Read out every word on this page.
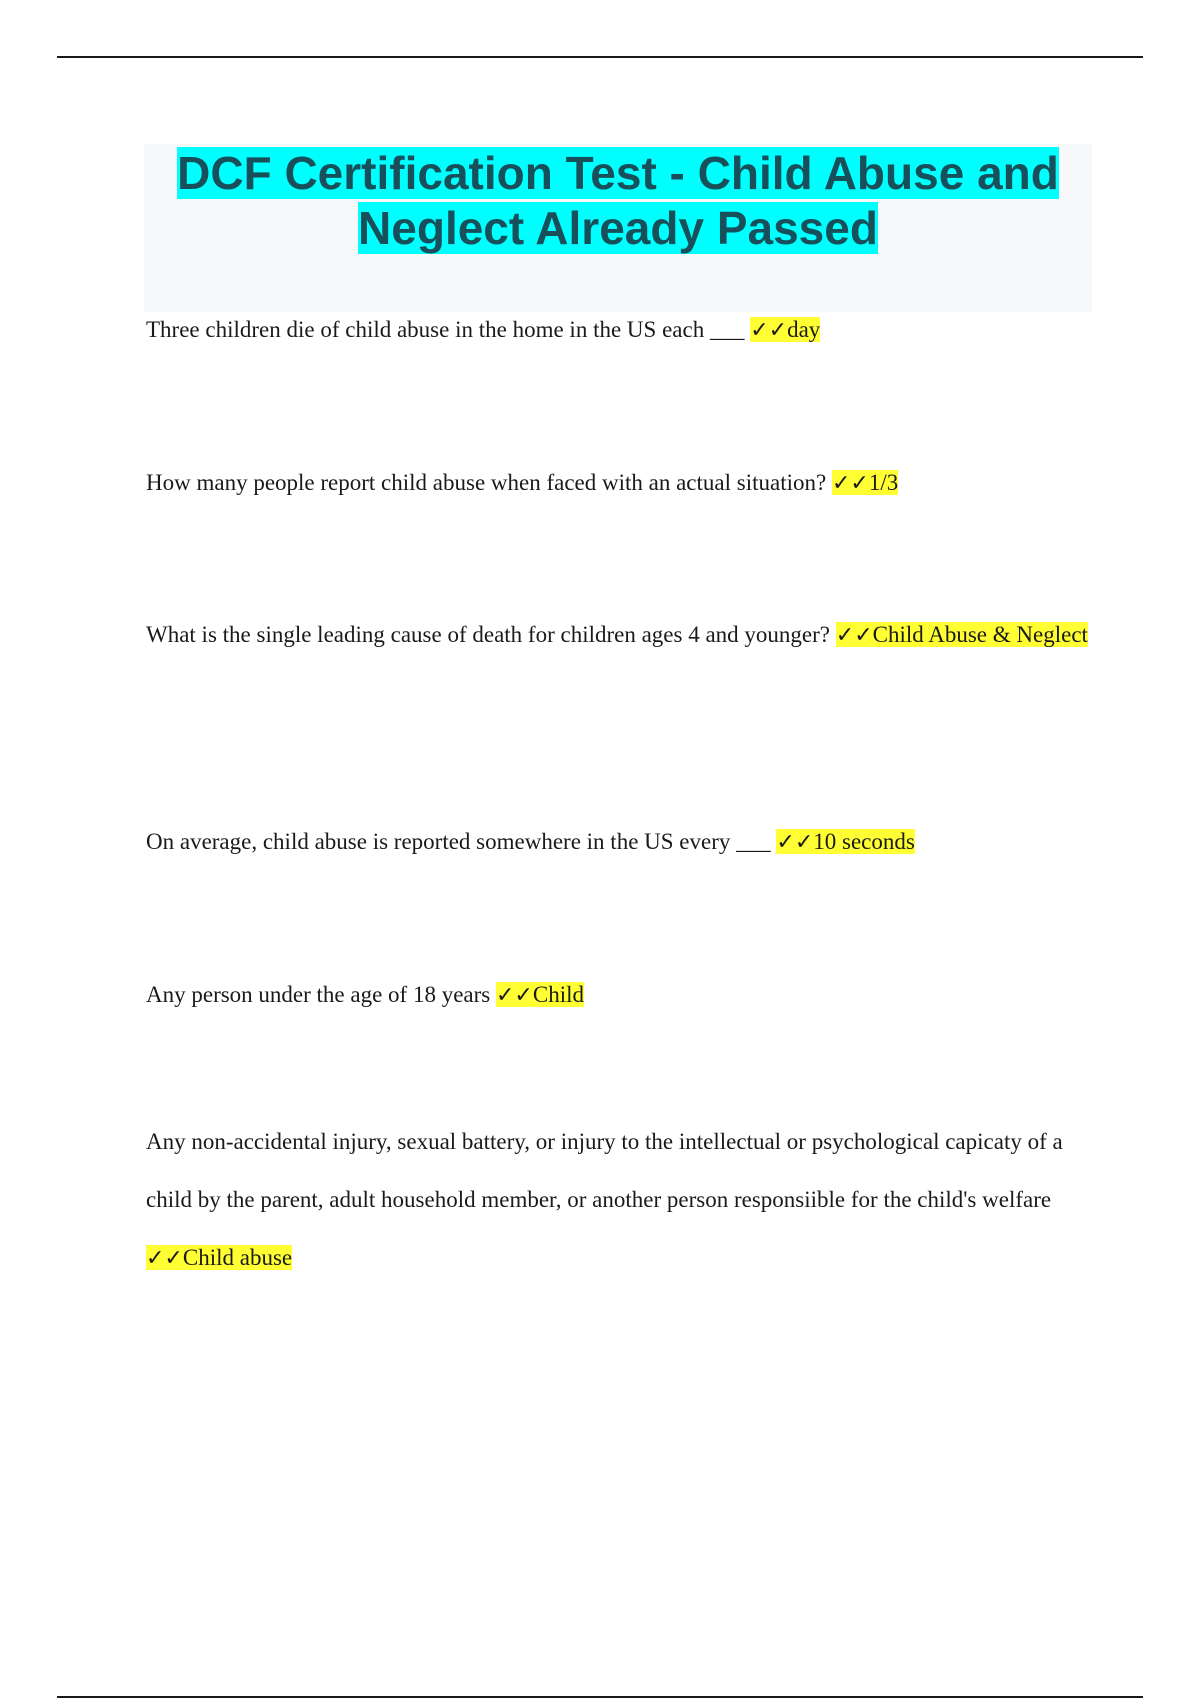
DCF Certification Test - Child Abuse and Neglect Already Passed

Three children die of child abuse in the home in the US each ___ ✓✓day

How many people report child abuse when faced with an actual situation? ✓✓1/3

What is the single leading cause of death for children ages 4 and younger? ✓✓Child Abuse & Neglect

On average, child abuse is reported somewhere in the US every ___ ✓✓10 seconds

Any person under the age of 18 years ✓✓Child

Any non-accidental injury, sexual battery, or injury to the intellectual or psychological capicaty of a child by the parent, adult household member, or another person responsiible for the child's welfare ✓✓Child abuse
